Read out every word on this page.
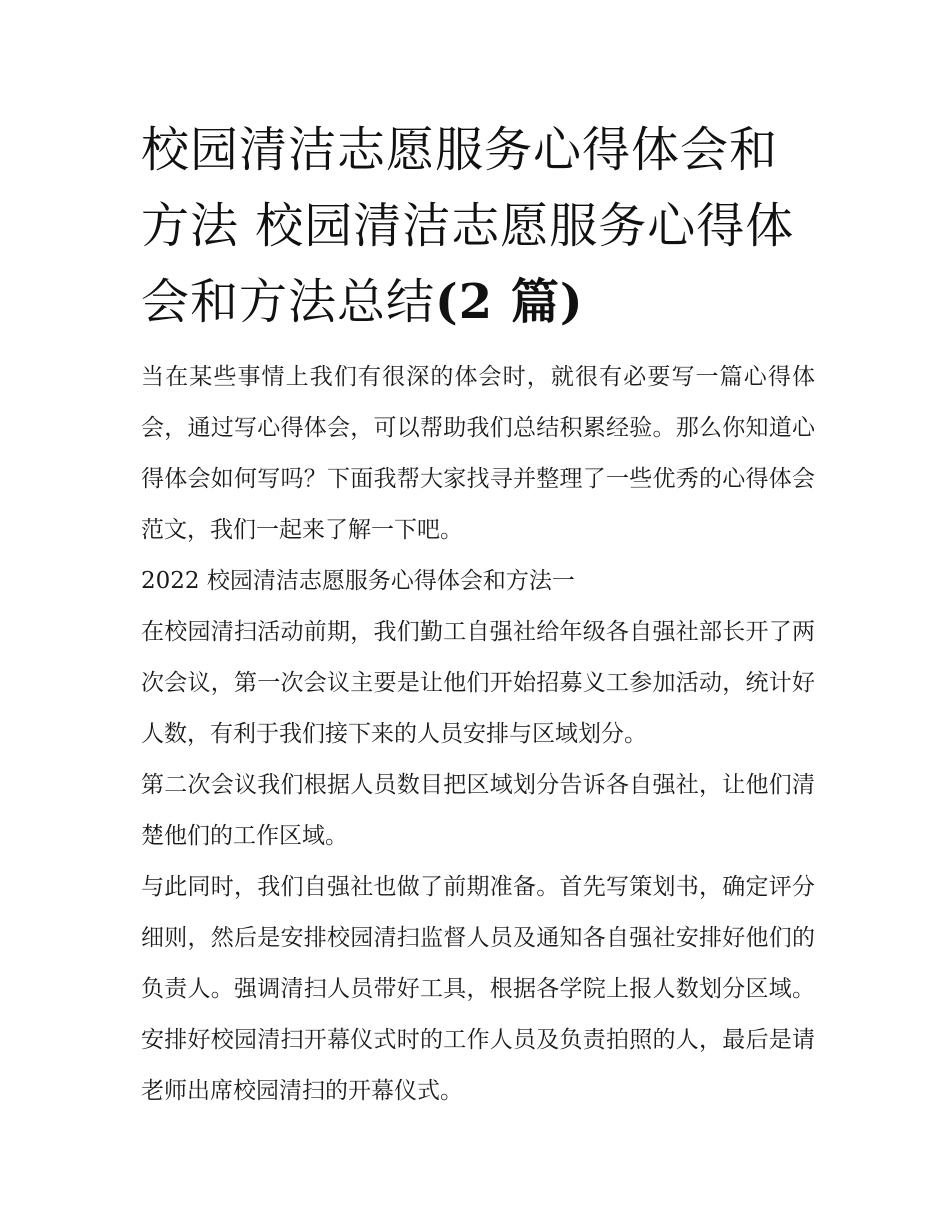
校园清洁志愿服务心得体会和方法 校园清洁志愿服务心得体会和方法总结(2 篇)

当在某些事情上我们有很深的体会时，就很有必要写一篇心得体会，通过写心得体会，可以帮助我们总结积累经验。那么你知道心得体会如何写吗？下面我帮大家找寻并整理了一些优秀的心得体会范文，我们一起来了解一下吧。

2022 校园清洁志愿服务心得体会和方法一

在校园清扫活动前期，我们勤工自强社给年级各自强社部长开了两次会议，第一次会议主要是让他们开始招募义工参加活动，统计好人数，有利于我们接下来的人员安排与区域划分。

第二次会议我们根据人员数目把区域划分告诉各自强社，让他们清楚他们的工作区域。

与此同时，我们自强社也做了前期准备。首先写策划书，确定评分细则，然后是安排校园清扫监督人员及通知各自强社安排好他们的负责人。强调清扫人员带好工具，根据各学院上报人数划分区域。安排好校园清扫开幕仪式时的工作人员及负责拍照的人，最后是请老师出席校园清扫的开幕仪式。
